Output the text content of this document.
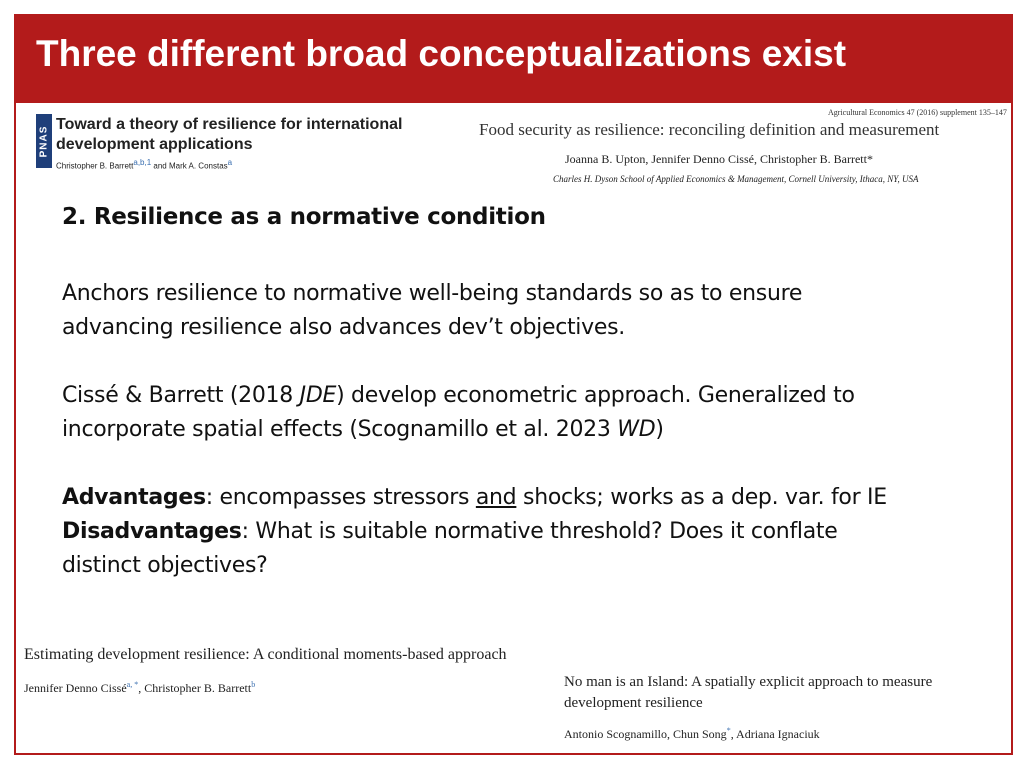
Three different broad conceptualizations exist
PNAS
Toward a theory of resilience for international
development applications
Christopher B. Barrett$^{a,b,1}$ and Mark A. Constas$^a$
Agricultural Economics 47 (2016) supplement 135–147
Food security as resilience: reconciling definition and measurement
Joanna B. Upton, Jennifer Denno Cissé, Christopher B. Barrett*
Charles H. Dyson School of Applied Economics & Management, Cornell University, Ithaca, NY, USA
2. Resilience as a normative condition
Anchors resilience to normative well-being standards so as to ensure
advancing resilience also advances dev’t objectives.
Cissé & Barrett (2018 JDE) develop econometric approach. Generalized to
incorporate spatial effects (Scognamillo et al. 2023 WD)
Advantages: encompasses stressors and shocks; works as a dep. var. for IE
Disadvantages: What is suitable normative threshold? Does it conflate
distinct objectives?
Estimating development resilience: A conditional moments-based approach
Jennifer Denno Cissé$^{a, *}$, Christopher B. Barrett$^b$	No man is an Island: A spatially explicit approach to measure
development resilience
Antonio Scognamillo, Chun Song*, Adriana Ignaciuk
